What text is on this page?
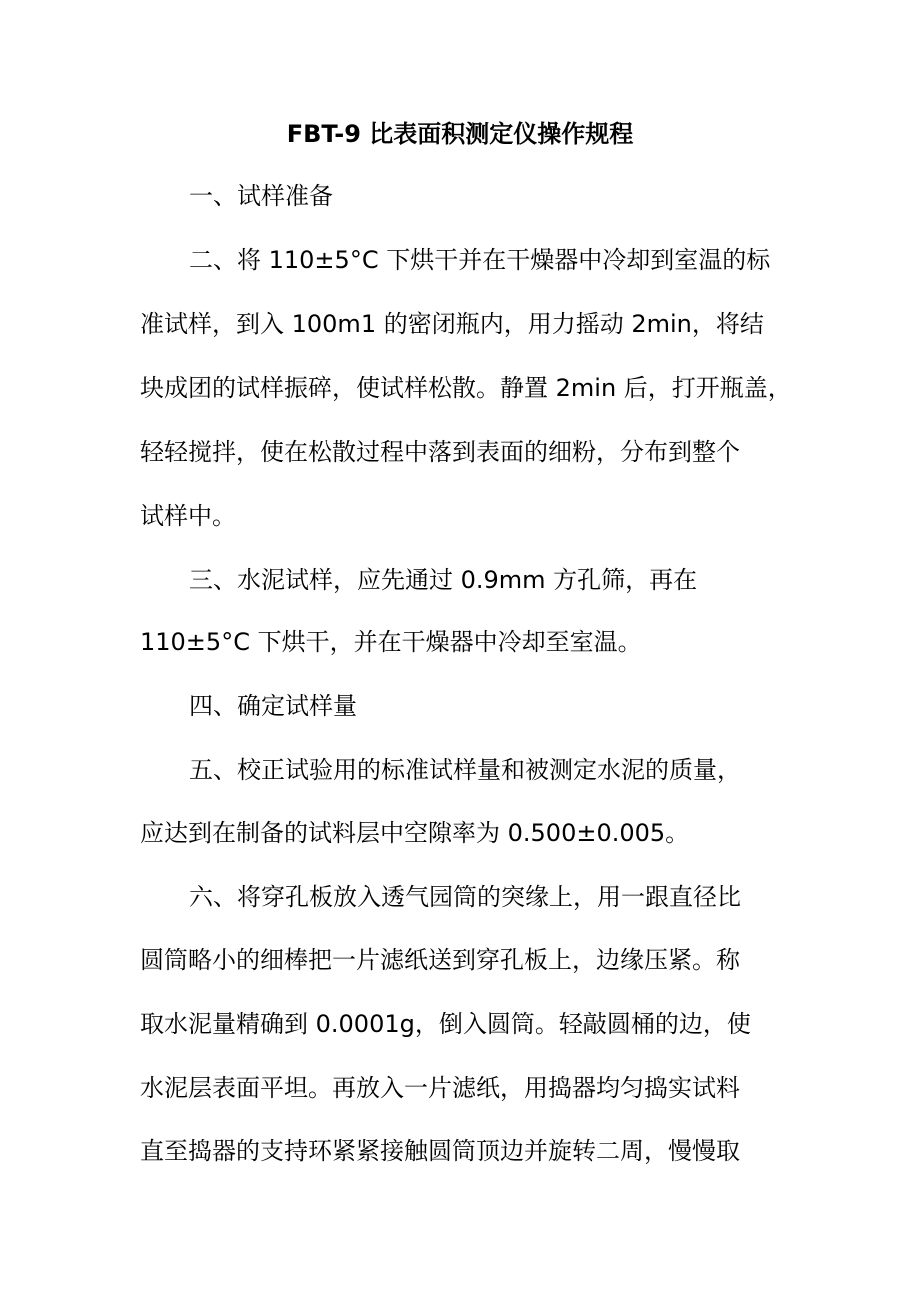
FBT-9 比表面积测定仪操作规程

一、试样准备

二、将 110±5°C 下烘干并在干燥器中冷却到室温的标

准试样，到入 100m1 的密闭瓶内，用力摇动 2min，将结

块成团的试样振碎，使试样松散。静置 2min 后，打开瓶盖，

轻轻搅拌，使在松散过程中落到表面的细粉，分布到整个

试样中。

三、水泥试样，应先通过 0.9mm 方孔筛，再在

110±5°C 下烘干，并在干燥器中冷却至室温。

四、确定试样量

五、校正试验用的标准试样量和被测定水泥的质量，

应达到在制备的试料层中空隙率为 0.500±0.005。

六、将穿孔板放入透气园筒的突缘上，用一跟直径比

圆筒略小的细棒把一片滤纸送到穿孔板上，边缘压紧。称

取水泥量精确到 0.0001g，倒入圆筒。轻敲圆桶的边，使

水泥层表面平坦。再放入一片滤纸，用捣器均匀捣实试料

直至捣器的支持环紧紧接触圆筒顶边并旋转二周，慢慢取
